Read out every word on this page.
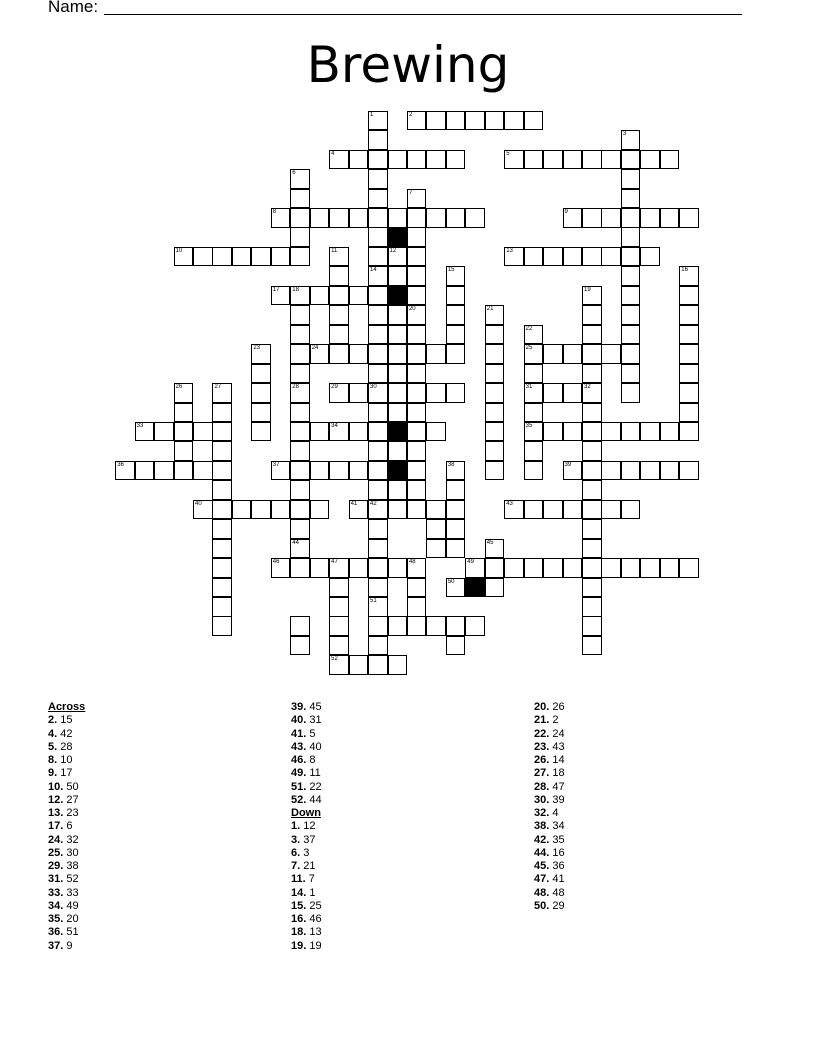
Name:
Brewing
1
14
30
42
51
2
3
4	5
6
7
20
8	9
10	11	12	13
15	16
17 18	19
32
28
44
21
22
25
31
35
24
23
26	27	29
33
36	37	38	39
40	41	43
49
46	47
52
48
50
34
45
Across
2. 15
4. 42
5. 28
8. 10
9. 17
10. 50
12. 27
13. 23
17. 6
24. 32
25. 30
29. 38
31. 52
33. 33
34. 49
35. 20
36. 51
37. 9
39. 45
40. 31
41. 5
43. 40
46. 8
49. 11
51. 22
52. 44
Down
1. 12
3. 37
6. 3
7. 21
11. 7
14. 1
15. 25
16. 46
18. 13
19. 19
20. 26
21. 2
22. 24
23. 43
26. 14
27. 18
28. 47
30. 39
32. 4
38. 34
42. 35
44. 16
45. 36
47. 41
48. 48
50. 29
